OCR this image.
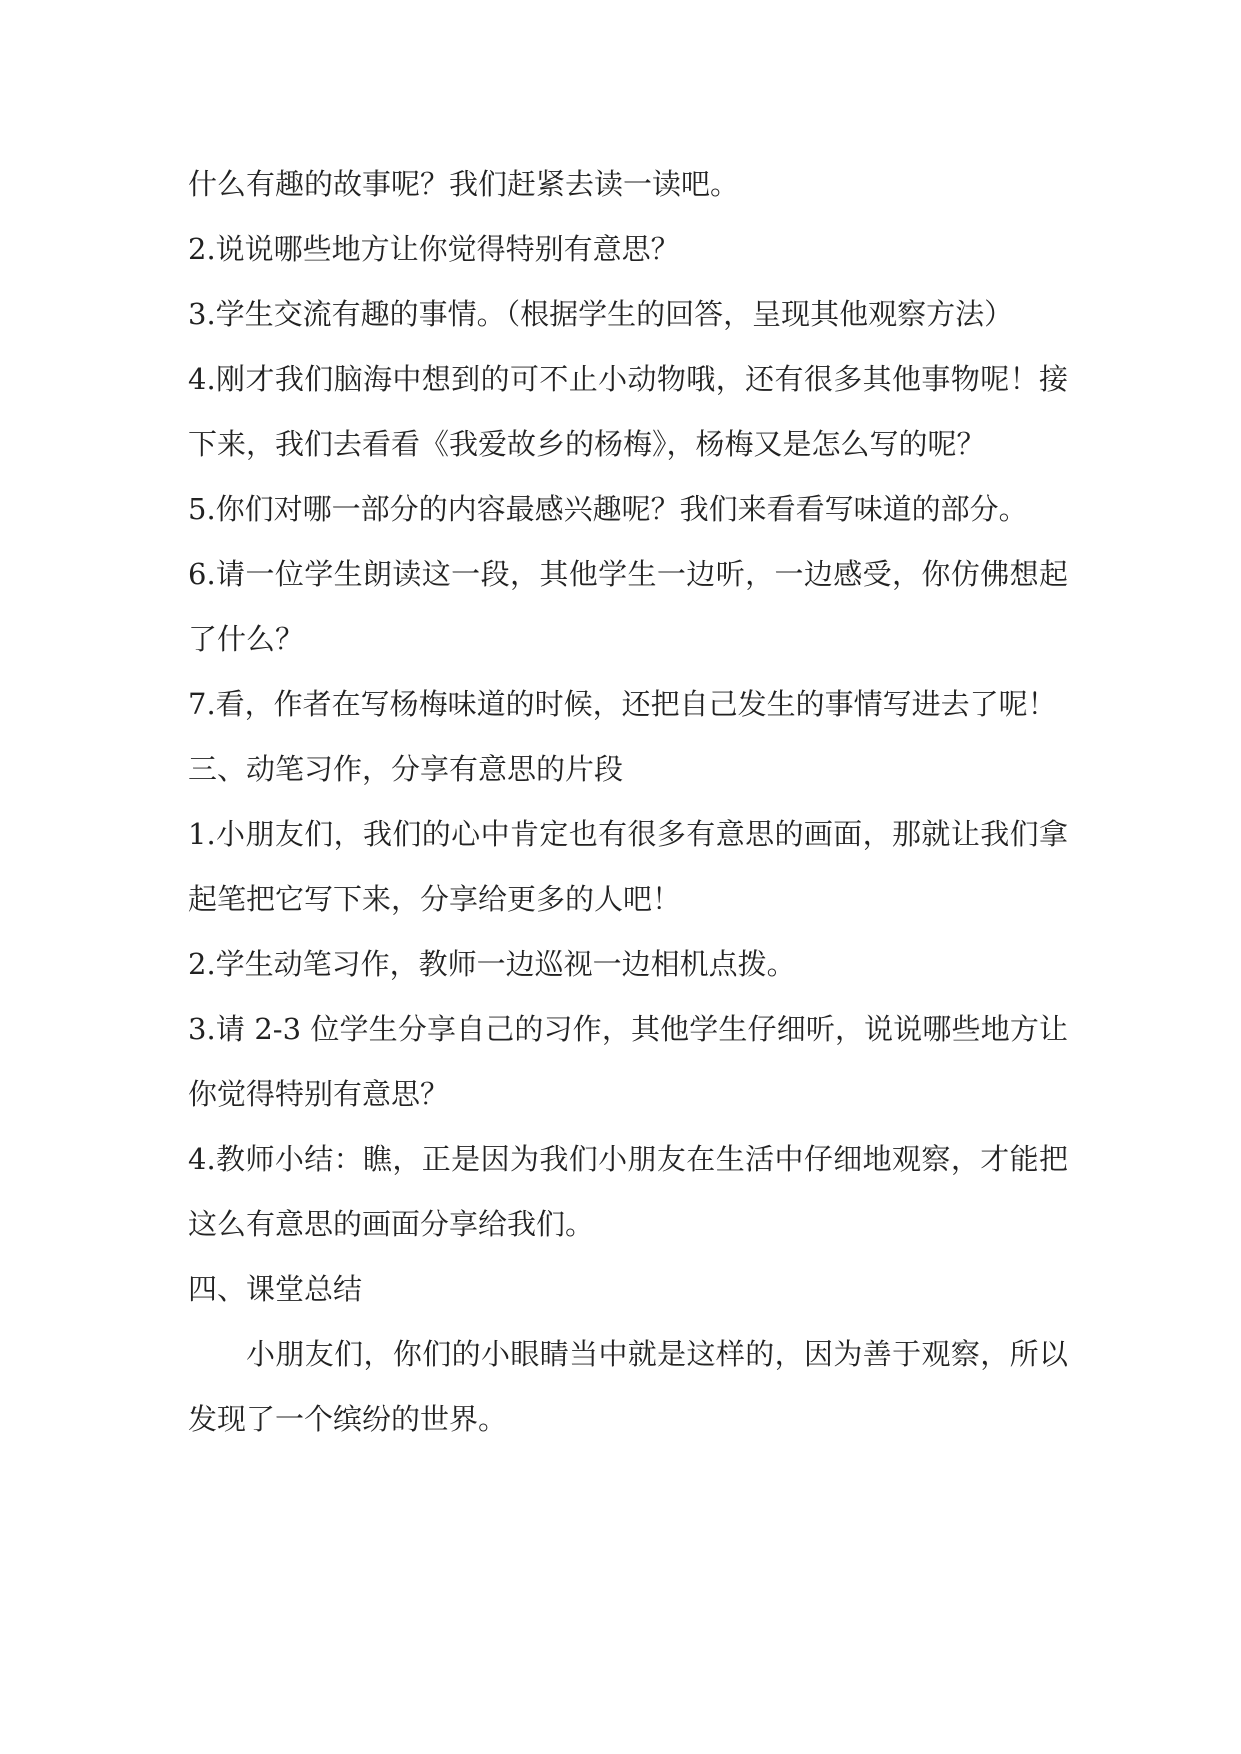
什么有趣的故事呢？我们赶紧去读一读吧。
2.说说哪些地方让你觉得特别有意思？
3.学生交流有趣的事情。（根据学生的回答，呈现其他观察方法）
4.刚才我们脑海中想到的可不止小动物哦，还有很多其他事物呢！接
下来，我们去看看《我爱故乡的杨梅》，杨梅又是怎么写的呢？
5.你们对哪一部分的内容最感兴趣呢？我们来看看写味道的部分。
6.请一位学生朗读这一段，其他学生一边听，一边感受，你仿佛想起
了什么？
7.看，作者在写杨梅味道的时候，还把自己发生的事情写进去了呢！
三、动笔习作，分享有意思的片段
1.小朋友们，我们的心中肯定也有很多有意思的画面，那就让我们拿
起笔把它写下来，分享给更多的人吧！
2.学生动笔习作，教师一边巡视一边相机点拨。
3.请 2-3 位学生分享自己的习作，其他学生仔细听，说说哪些地方让
你觉得特别有意思？
4.教师小结：瞧，正是因为我们小朋友在生活中仔细地观察，才能把
这么有意思的画面分享给我们。
四、课堂总结
小朋友们，你们的小眼睛当中就是这样的，因为善于观察，所以
发现了一个缤纷的世界。
